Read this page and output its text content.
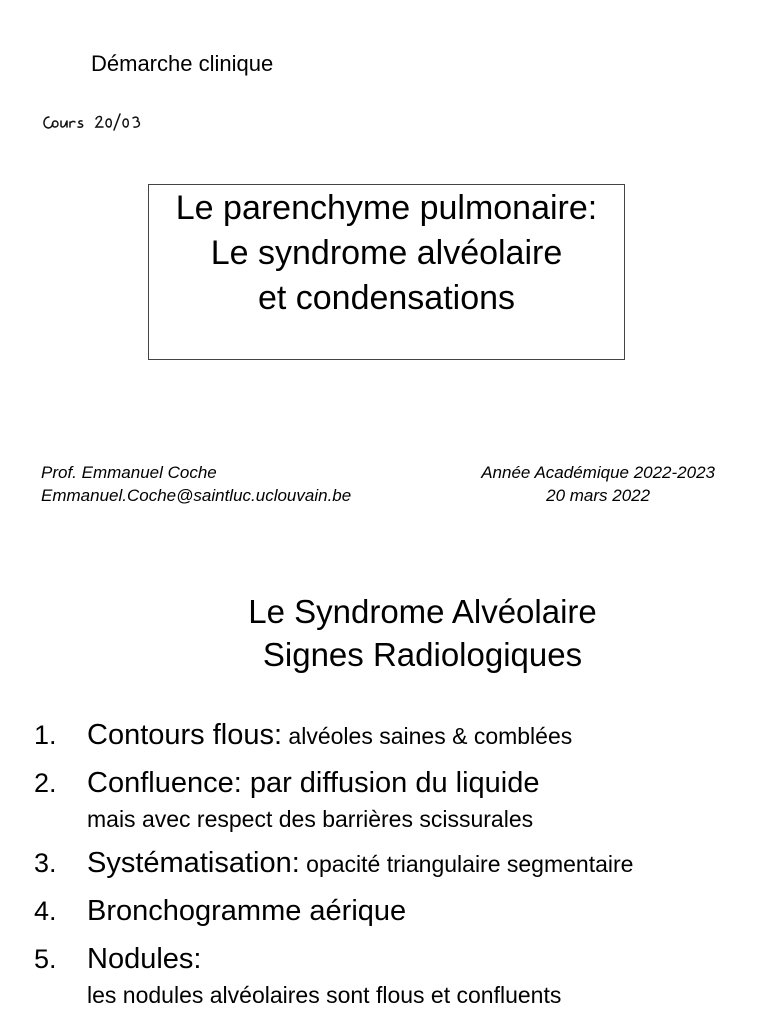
Démarche clinique
Le parenchyme pulmonaire:
Le syndrome alvéolaire
et condensations
Prof. Emmanuel Coche
Emmanuel.Coche@saintluc.uclouvain.be
Année Académique 2022-2023
20 mars 2022
Le Syndrome Alvéolaire
Signes Radiologiques
1. Contours flous: alvéoles saines & comblées
2. Confluence: par diffusion du liquide
mais avec respect des barrières scissurales
3. Systématisation: opacité triangulaire segmentaire
4. Bronchogramme aérique
5. Nodules:
les nodules alvéolaires sont flous et confluents
